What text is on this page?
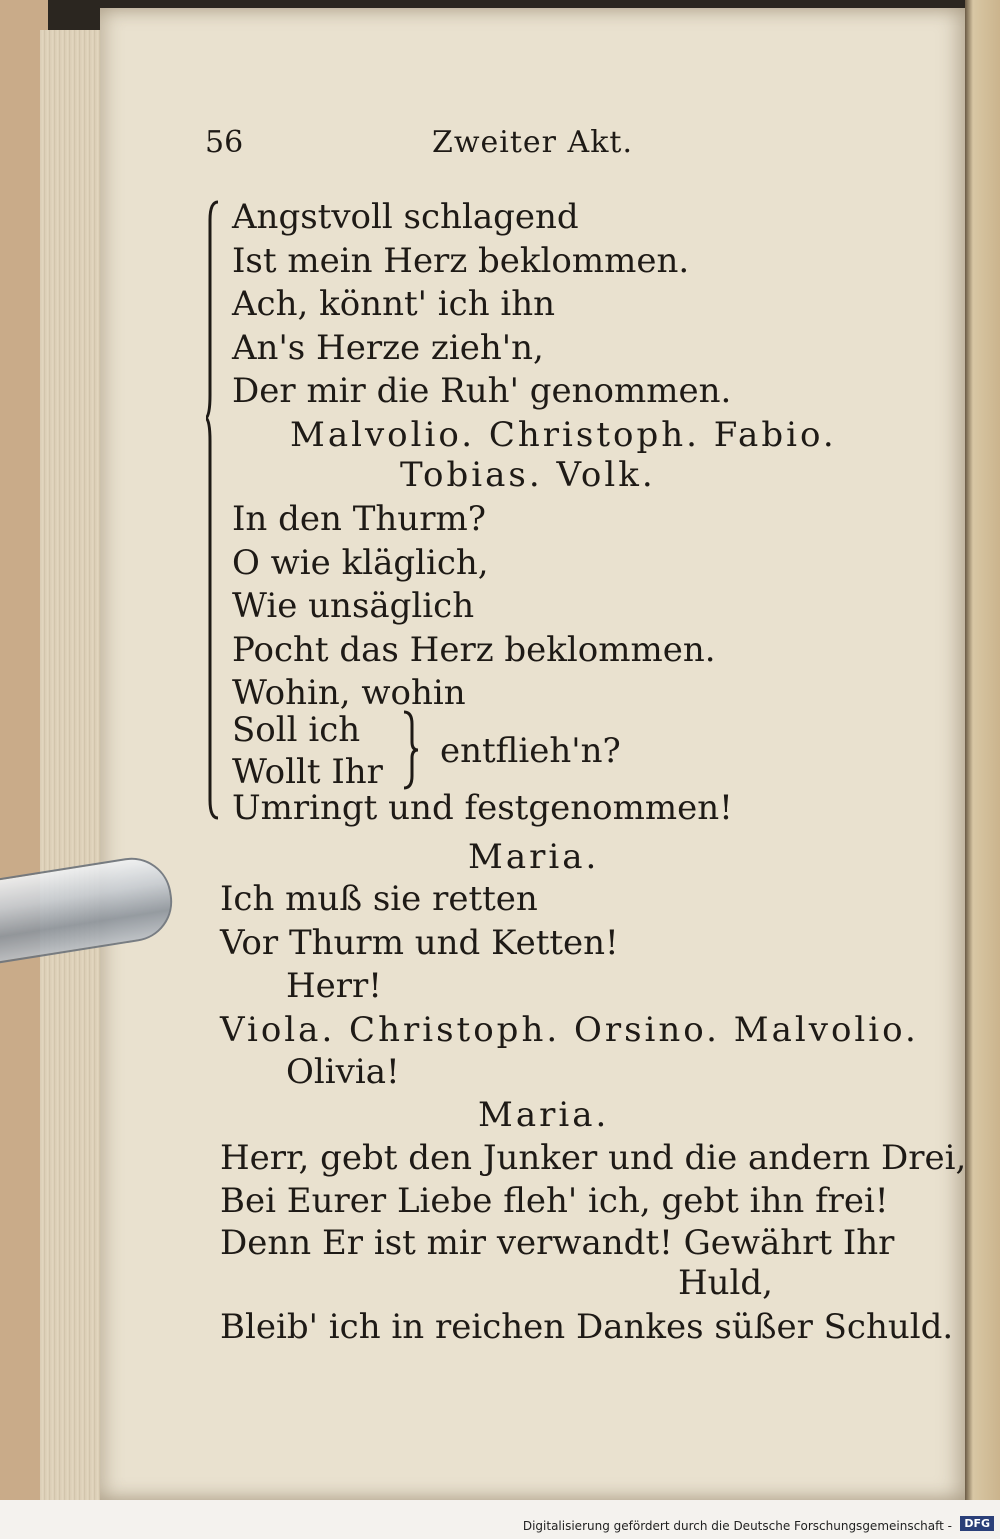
56	Zweiter Akt.
Angstvoll schlagend
Ist mein Herz beklommen.
Ach, könnt' ich ihn
An's Herze zieh'n,
Der mir die Ruh' genommen.
Malvolio. Christoph. Fabio.
Tobias. Volk.
In den Thurm?
O wie kläglich,
Wie unsäglich
Pocht das Herz beklommen.
Wohin, wohin
Soll ich
Wollt Ihr
entflieh'n?
Umringt und festgenommen!
Maria.
Ich muß sie retten
Vor Thurm und Ketten!
Herr!
Viola. Christoph. Orsino. Malvolio.
Olivia!
Maria.
Herr, gebt den Junker und die andern Drei,
Bei Eurer Liebe fleh' ich, gebt ihn frei!
Denn Er ist mir verwandt! Gewährt Ihr
Huld,
Bleib' ich in reichen Dankes süßer Schuld.
Digitalisierung gefördert durch die Deutsche Forschungsgemeinschaft -	DFG
